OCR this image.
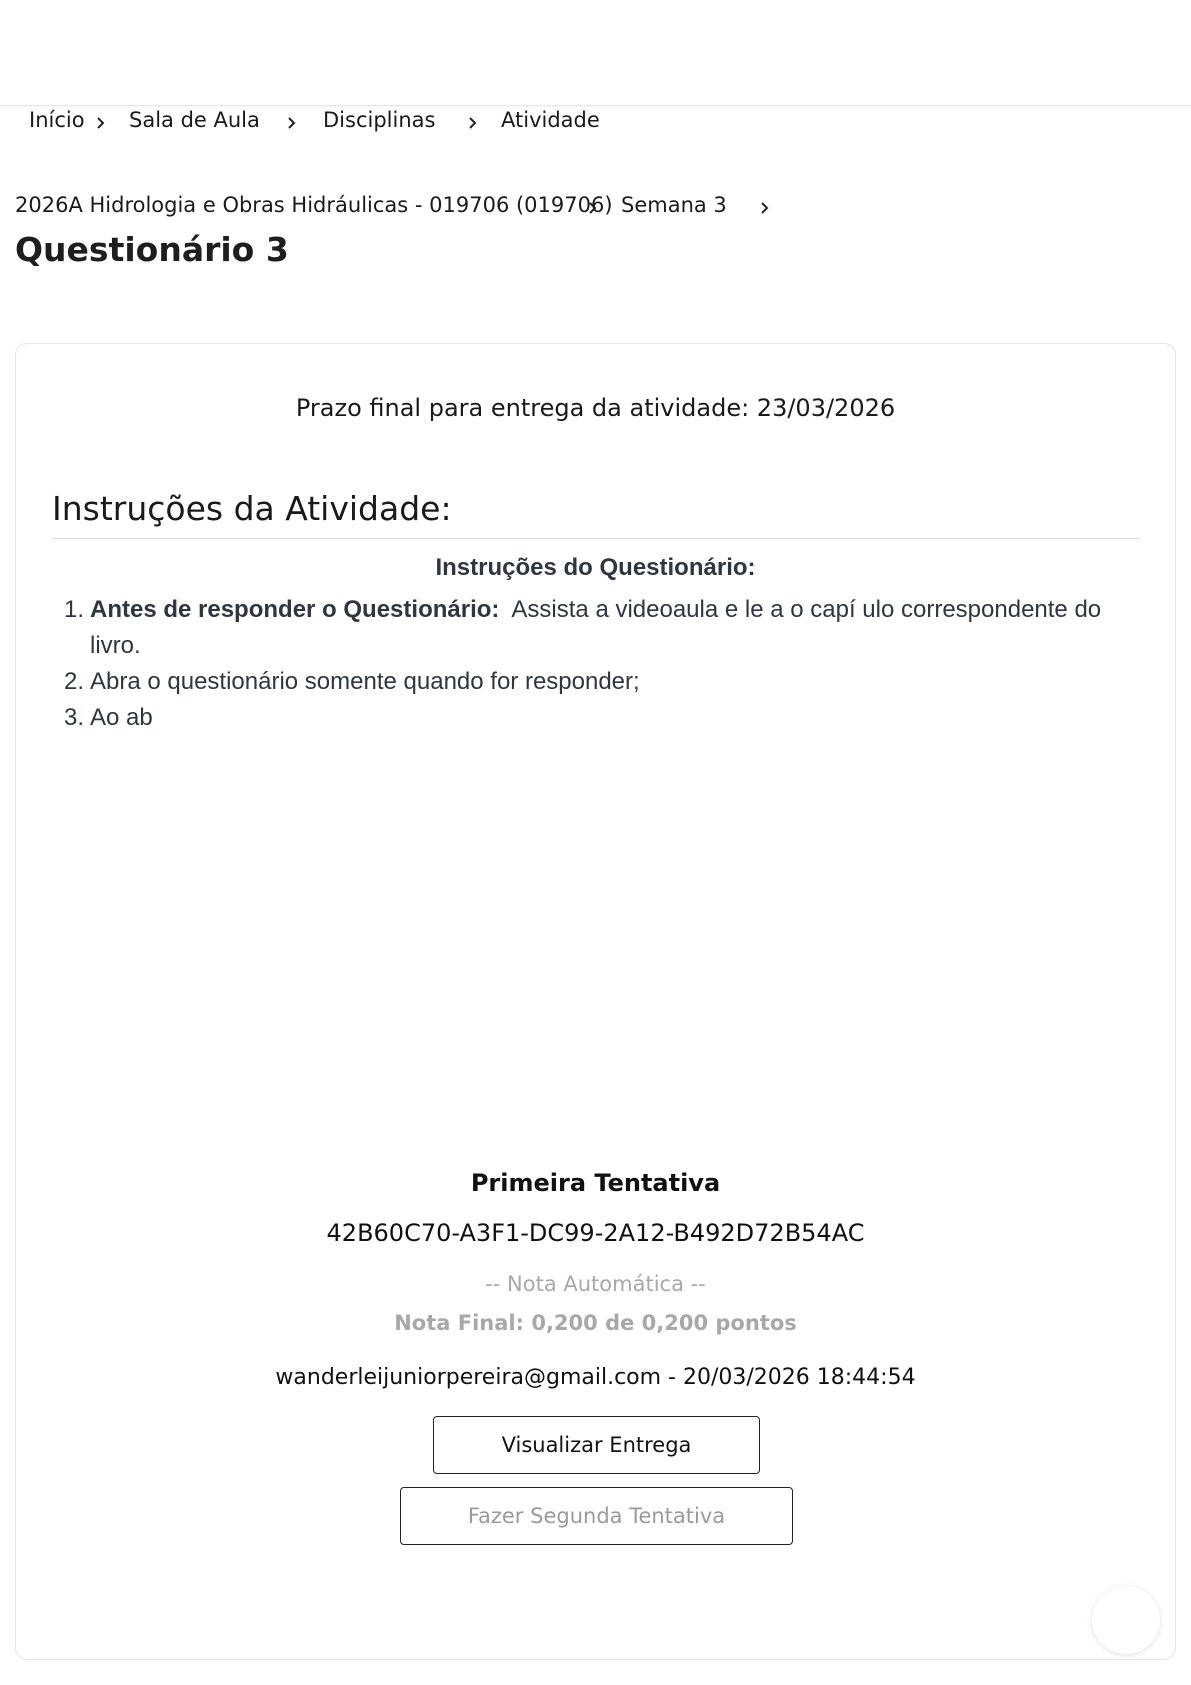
Início Sala de Aula	Disciplinas	Atividade
2026A Hidrologia e Obras Hidráulicas - 019706 (019706) Semana 3
Questionário 3
Prazo final para entrega da atividade: 23/03/2026
Instruções da Atividade:
Instruções do Questionário:
1. Antes de responder o Questionário:  Assista a videoaula e le a o capí ulo correspondente do livro.
2. Abra o questionário somente quando for responder;
3. Ao ab
Primeira Tentativa
42B60C70-A3F1-DC99-2A12-B492D72B54AC
-- Nota Automática --
Nota Final: 0,200 de 0,200 pontos
wanderleijuniorpereira@gmail.com - 20/03/2026 18:44:54
Visualizar Entrega
Fazer Segunda Tentativa
